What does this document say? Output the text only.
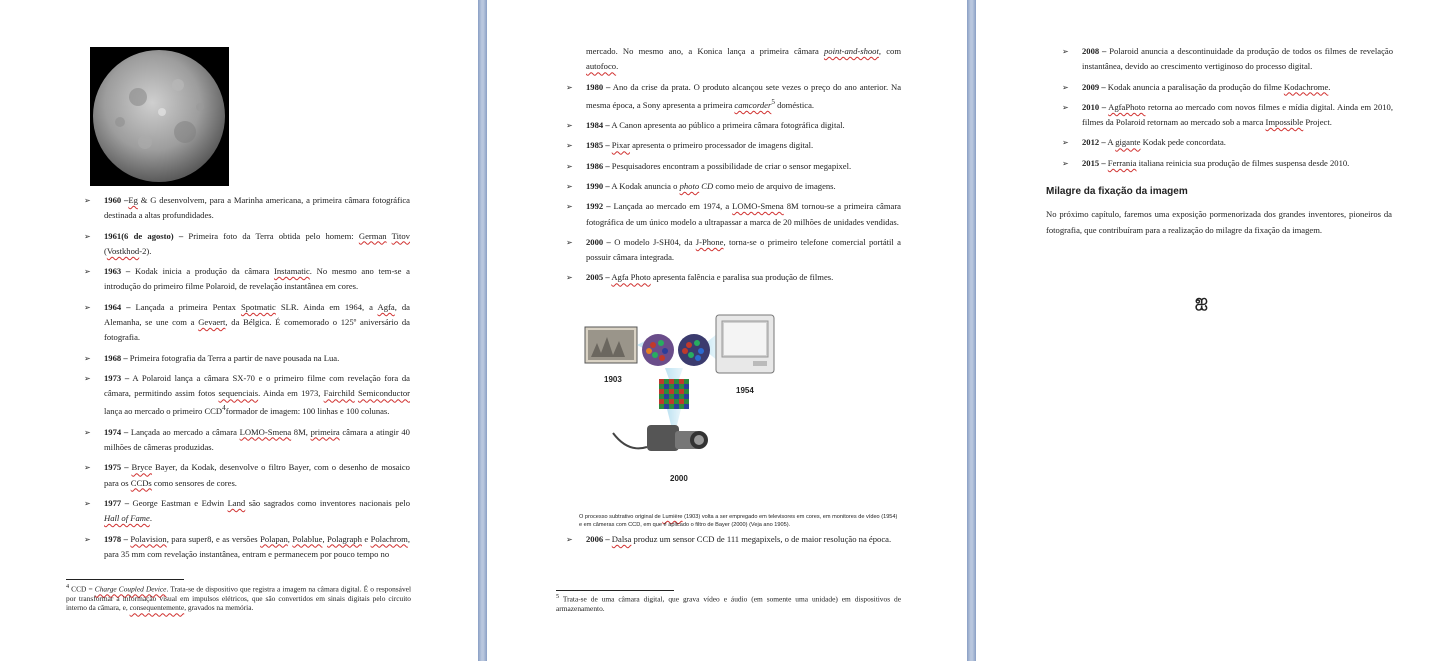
➢ 1960 –Eg & G desenvolvem, para a Marinha americana, a primeira câmara fotográfica destinada a altas profundidades.
➢ 1961(6 de agosto) – Primeira foto da Terra obtida pelo homem: German Titov (Vostkhod-2).
➢ 1963 – Kodak inicia a produção da câmara Instamatic. No mesmo ano tem-se a introdução do primeiro filme Polaroid, de revelação instantânea em cores.
➢ 1964 – Lançada a primeira Pentax Spotmatic SLR. Ainda em 1964, a Agfa, da Alemanha, se une com a Gevaert, da Bélgica. É comemorado o 125º aniversário da fotografia.
➢ 1968 – Primeira fotografia da Terra a partir de nave pousada na Lua.
➢ 1973 – A Polaroid lança a câmara SX-70 e o primeiro filme com revelação fora da câmara, permitindo assim fotos sequenciais. Ainda em 1973, Fairchild Semiconductor lança ao mercado o primeiro CCD$^4$formador de imagem: 100 linhas e 100 colunas.
➢ 1974 – Lançada ao mercado a câmara LOMO-Smena 8M, primeira câmara a atingir 40 milhões de câmeras produzidas.
➢ 1975 – Bryce Bayer, da Kodak, desenvolve o filtro Bayer, com o desenho de mosaico para os CCDs como sensores de cores.
➢ 1977 – George Eastman e Edwin Land são sagrados como inventores nacionais pelo Hall of Fame.
➢ 1978 – Polavision, para super8, e as versões Polapan, Polablue, Polagraph e Polachrom, para 35 mm com revelação instantânea, entram e permanecem por pouco tempo no
$^4$ CCD = Charge Coupled Device. Trata-se de dispositivo que registra a imagem na câmara digital. É o responsável por transformar a informação visual em impulsos elétricos, que são convertidos em sinais digitais pelo circuito interno da câmara, e, consequentemente, gravados na memória.
mercado. No mesmo ano, a Konica lança a primeira câmara point-and-shoot, com autofoco.
➢ 1980 – Ano da crise da prata. O produto alcançou sete vezes o preço do ano anterior. Na mesma época, a Sony apresenta a primeira camcorder$^5$ doméstica.
➢ 1984 – A Canon apresenta ao público a primeira câmara fotográfica digital.
➢ 1985 – Pixar apresenta o primeiro processador de imagens digital.
➢ 1986 – Pesquisadores encontram a possibilidade de criar o sensor megapixel.
➢ 1990 – A Kodak anuncia o photo CD como meio de arquivo de imagens.
➢ 1992 – Lançada ao mercado em 1974, a LOMO-Smena 8M tornou-se a primeira câmara fotográfica de um único modelo a ultrapassar a marca de 20 milhões de unidades vendidas.
➢ 2000 – O modelo J-SH04, da J-Phone, torna-se o primeiro telefone comercial portátil a possuir câmara integrada.
➢ 2005 – Agfa Photo apresenta falência e paralisa sua produção de filmes.
1903
1954
2000
O processo subtrativo original de Lumière (1903) volta a ser empregado em televisores em cores, em monitores de vídeo (1954) e em câmeras com CCD, em que é aplicado o filtro de Bayer (2000) (Veja ano 1905).
➢ 2006 – Dalsa produz um sensor CCD de 111 megapixels, o de maior resolução na época.
$^5$ Trata-se de uma câmara digital, que grava vídeo e áudio (em somente uma unidade) em dispositivos de armazenamento.
➢ 2008 – Polaroid anuncia a descontinuidade da produção de todos os filmes de revelação instantânea, devido ao crescimento vertiginoso do processo digital.
➢ 2009 – Kodak anuncia a paralisação da produção do filme Kodachrome.
➢ 2010 – AgfaPhoto retorna ao mercado com novos filmes e mídia digital. Ainda em 2010, filmes da Polaroid retornam ao mercado sob a marca Impossible Project.
➢ 2012 – A gigante Kodak pede concordata.
➢ 2015 – Ferrania italiana reinicia sua produção de filmes suspensa desde 2010.
Milagre da fixação da imagem
No próximo capítulo, faremos uma exposição pormenorizada dos grandes inventores, pioneiros da fotografia, que contribuíram para a realização do milagre da fixação da imagem.
ஐ
